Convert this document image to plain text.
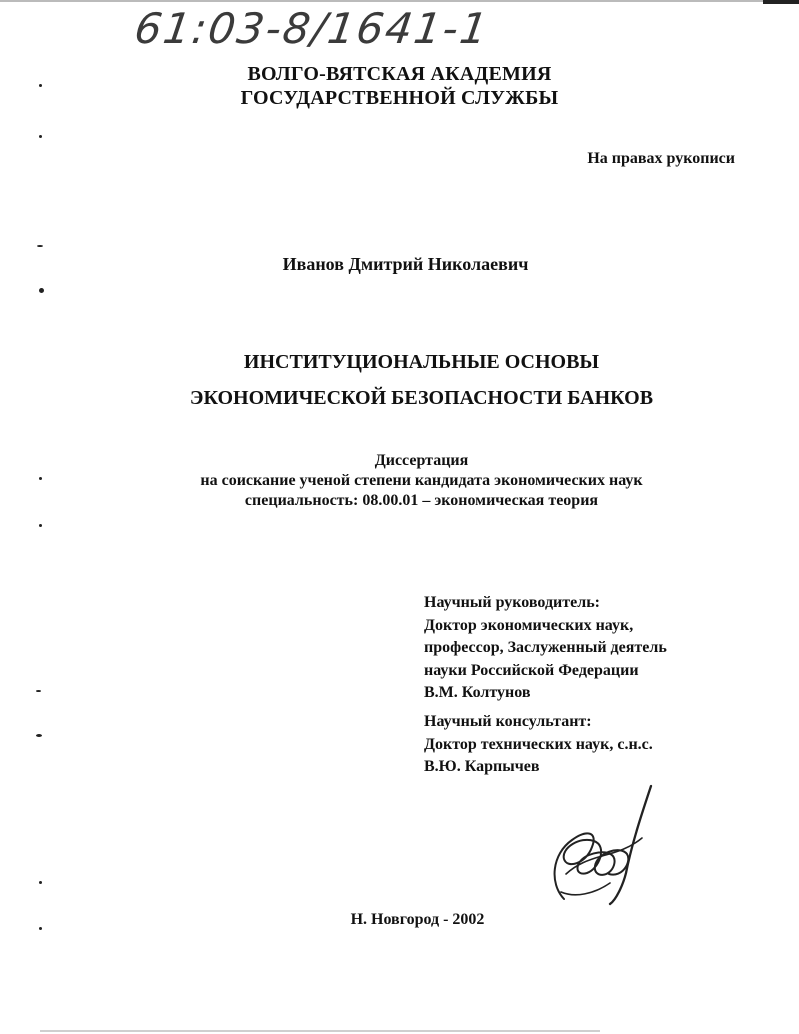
61:03-8/1641-1
ВОЛГО-ВЯТСКАЯ АКАДЕМИЯ
ГОСУДАРСТВЕННОЙ СЛУЖБЫ
На правах рукописи
Иванов Дмитрий Николаевич
ИНСТИТУЦИОНАЛЬНЫЕ ОСНОВЫ
ЭКОНОМИЧЕСКОЙ БЕЗОПАСНОСТИ БАНКОВ
Диссертация
на соискание ученой степени кандидата экономических наук
специальность: 08.00.01 – экономическая теория
Научный руководитель:
Доктор экономических наук,
профессор, Заслуженный деятель
науки Российской Федерации
В.М. Колтунов
Научный консультант:
Доктор технических наук, с.н.с.
В.Ю. Карпычев
Н. Новгород - 2002
